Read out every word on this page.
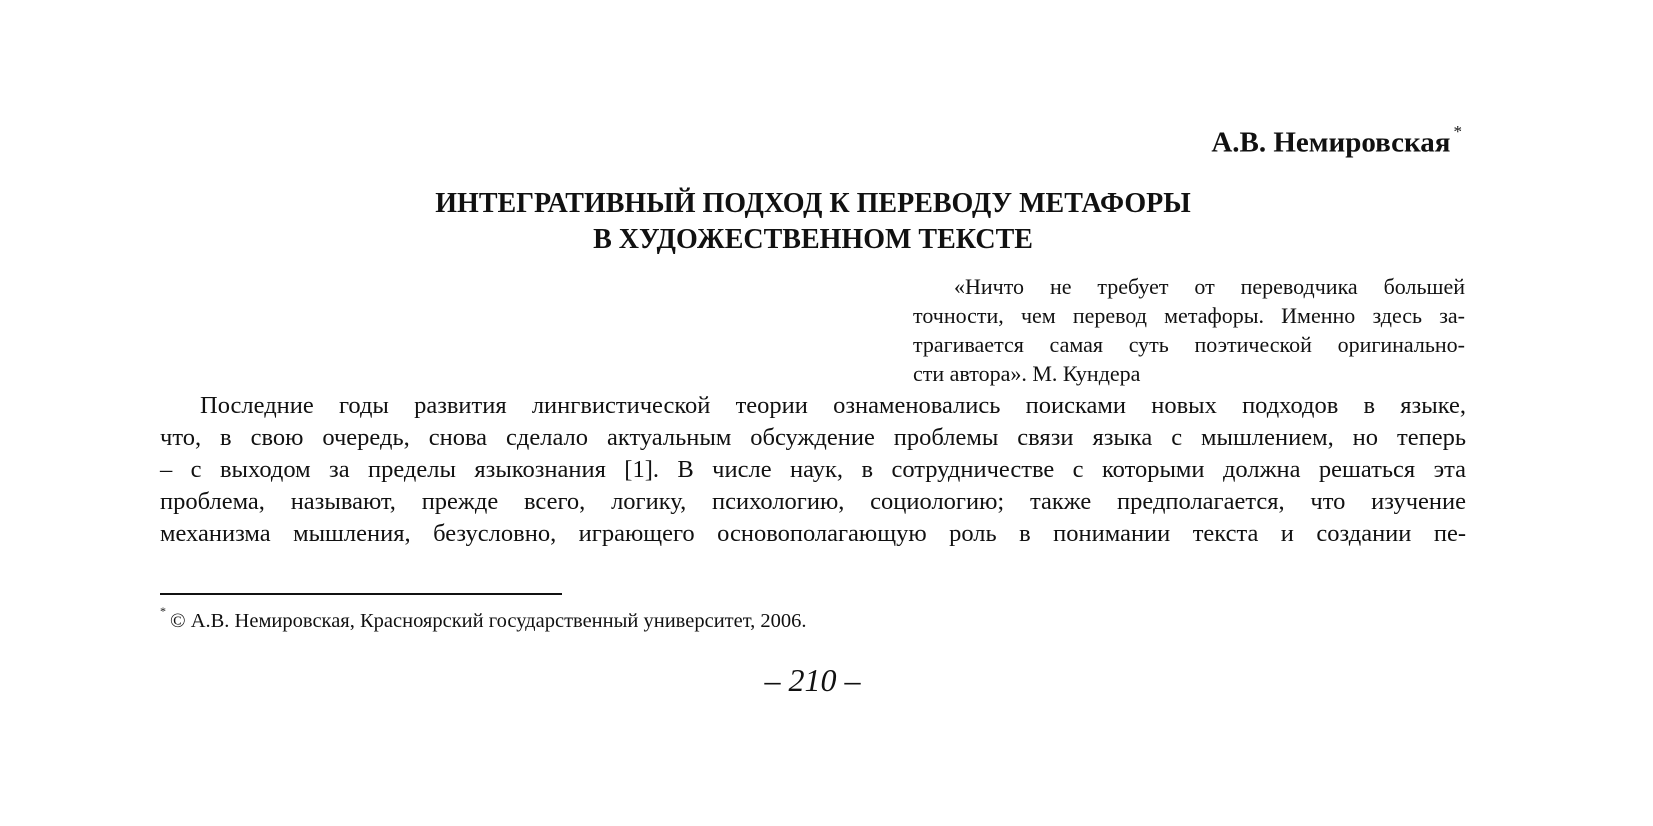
А.В. Немировская *
ИНТЕГРАТИВНЫЙ ПОДХОД К ПЕРЕВОДУ МЕТАФОРЫ
В ХУДОЖЕСТВЕННОМ ТЕКСТЕ
«Ничто не требует от переводчика большей
точности, чем перевод метафоры. Именно здесь за-
трагивается самая суть поэтической оригинально-
сти автора». М. Кундера
Последние годы развития лингвистической теории ознаменовались поисками новых подходов в языке,
что, в свою очередь, снова сделало актуальным обсуждение проблемы связи языка с мышлением, но теперь
– с выходом за пределы языкознания [1]. В числе наук, в сотрудничестве с которыми должна решаться эта
проблема, называют, прежде всего, логику, психологию, социологию; также предполагается, что изучение
механизма мышления, безусловно, играющего основополагающую роль в понимании текста и создании пе-
* © А.В. Немировская, Красноярский государственный университет, 2006.
– 210 –
